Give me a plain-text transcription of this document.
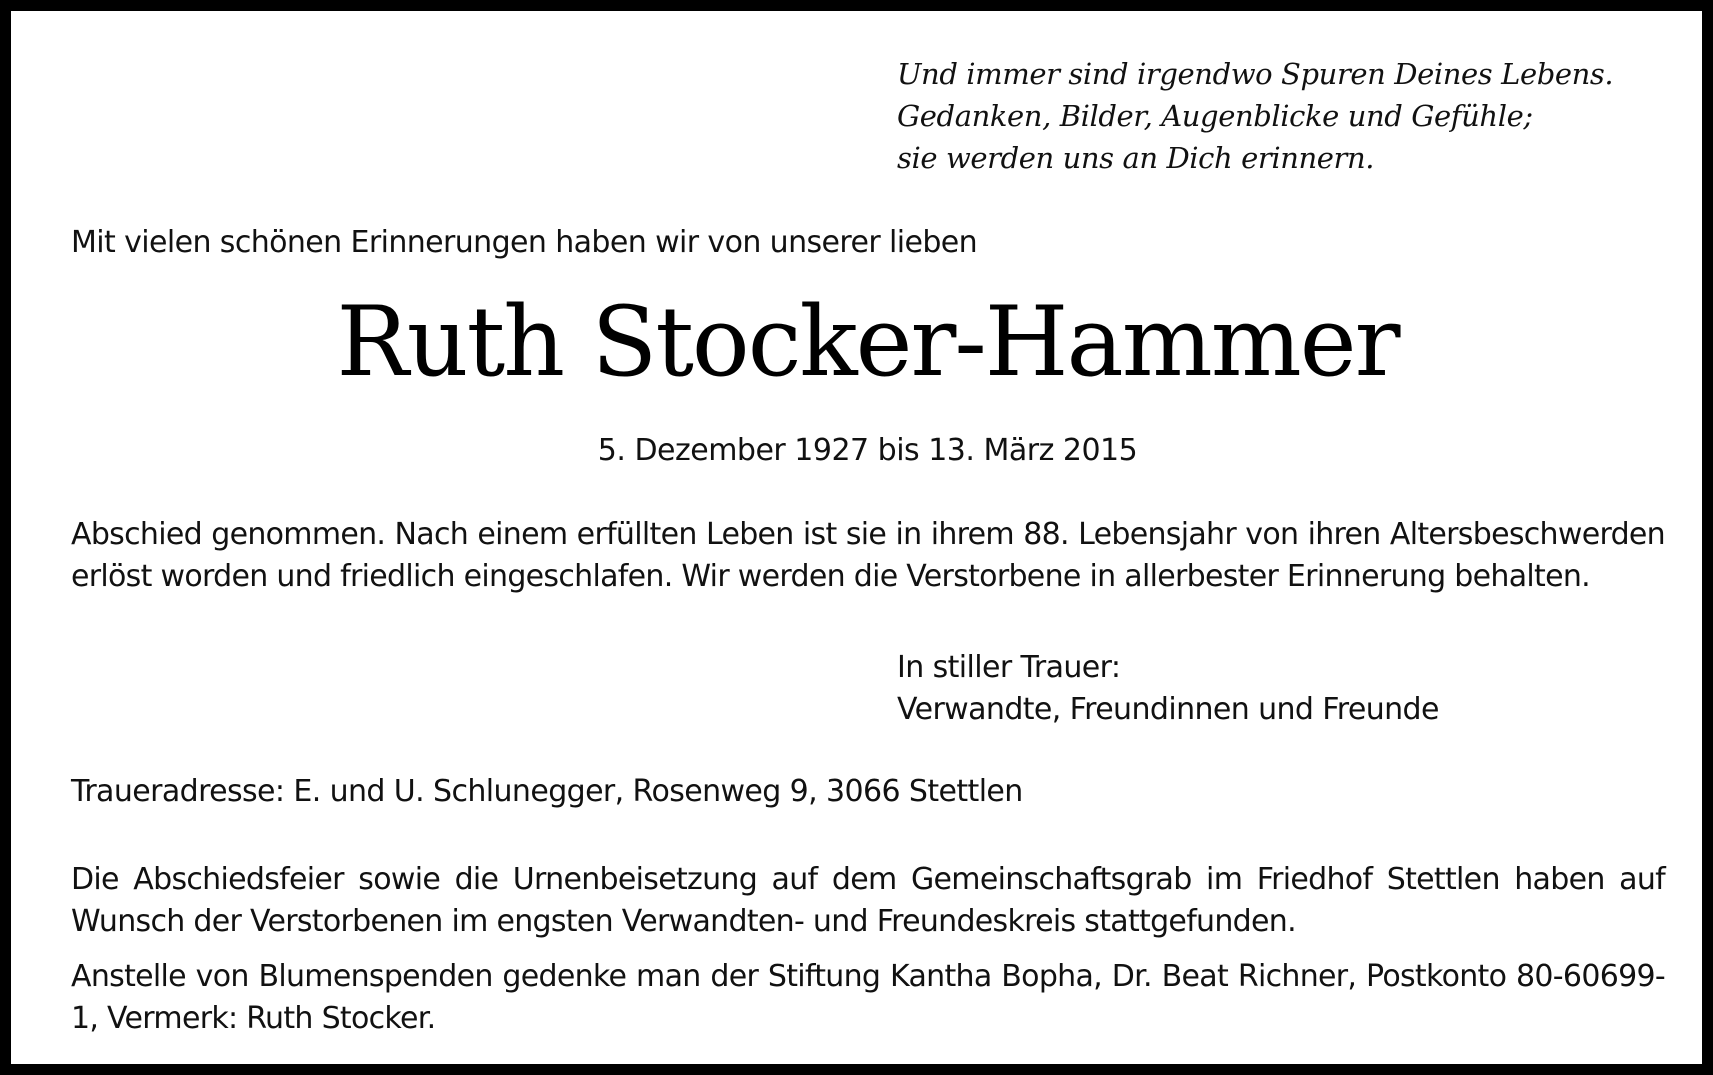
Und immer sind irgendwo Spuren Deines Lebens.
Gedanken, Bilder, Augenblicke und Gefühle;
sie werden uns an Dich erinnern.
Mit vielen schönen Erinnerungen haben wir von unserer lieben
Ruth Stocker-Hammer
5. Dezember 1927 bis 13. März 2015
Abschied genommen. Nach einem erfüllten Leben ist sie in ihrem 88. Lebensjahr von ihren Altersbeschwerden erlöst worden und friedlich eingeschlafen. Wir werden die Verstorbene in allerbester Erinnerung behalten.
In stiller Trauer:
Verwandte, Freundinnen und Freunde
Traueradresse: E. und U. Schlunegger, Rosenweg 9, 3066 Stettlen
Die Abschiedsfeier sowie die Urnenbeisetzung auf dem Gemeinschaftsgrab im Friedhof Stettlen haben auf Wunsch der Verstorbenen im engsten Verwandten- und Freundeskreis stattgefunden.
Anstelle von Blumenspenden gedenke man der Stiftung Kantha Bopha, Dr. Beat Richner, Postkonto 80-60699-1, Vermerk: Ruth Stocker.
